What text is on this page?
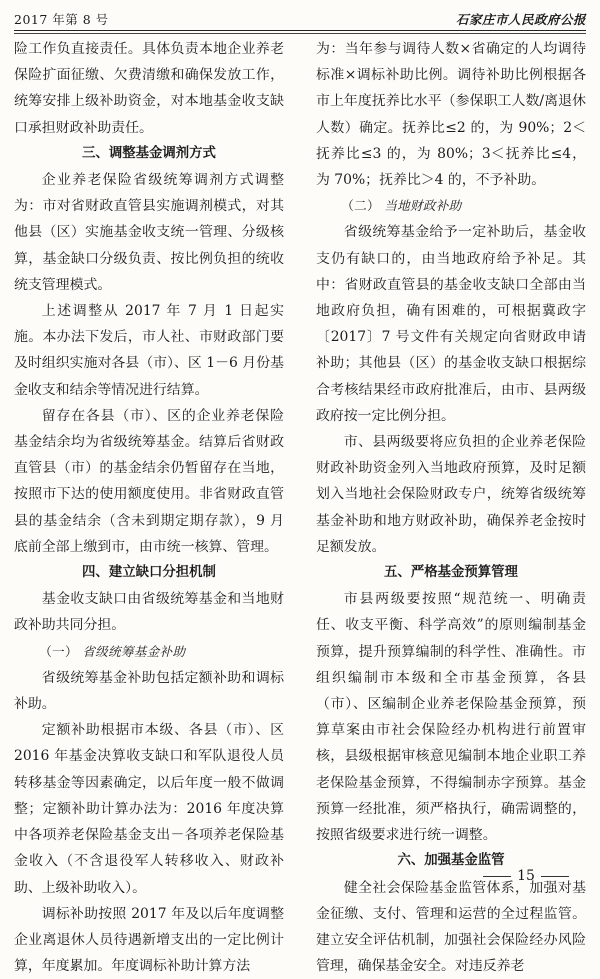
2017 年第 8 号	石家庄市人民政府公报
险工作负直接责任。具体负责本地企业养老保险扩面征缴、欠费清缴和确保发放工作，统筹安排上级补助资金，对本地基金收支缺口承担财政补助责任。
三、调整基金调剂方式
企业养老保险省级统筹调剂方式调整为：市对省财政直管县实施调剂模式，对其他县（区）实施基金收支统一管理、分级核算，基金缺口分级负责、按比例负担的统收统支管理模式。
上述调整从 2017 年 7 月 1 日起实施。本办法下发后，市人社、市财政部门要及时组织实施对各县（市）、区 1－6 月份基金收支和结余等情况进行结算。
留存在各县（市）、区的企业养老保险基金结余均为省级统筹基金。结算后省财政直管县（市）的基金结余仍暂留存在当地，按照市下达的使用额度使用。非省财政直管县的基金结余（含未到期定期存款），9 月底前全部上缴到市，由市统一核算、管理。
四、建立缺口分担机制
基金收支缺口由省级统筹基金和当地财政补助共同分担。
（一） 省级统筹基金补助
省级统筹基金补助包括定额补助和调标补助。
定额补助根据市本级、各县（市）、区 2016 年基金决算收支缺口和军队退役人员转移基金等因素确定，以后年度一般不做调整；定额补助计算办法为：2016 年度决算中各项养老保险基金支出－各项养老保险基金收入（不含退役军人转移收入、财政补助、上级补助收入）。
调标补助按照 2017 年及以后年度调整企业离退休人员待遇新增支出的一定比例计算，年度累加。年度调标补助计算方法
为：当年参与调待人数×省确定的人均调待标准×调标补助比例。调待补助比例根据各市上年度抚养比水平（参保职工人数/离退休人数）确定。抚养比≤2 的，为 90%；2＜抚养比≤3 的，为 80%；3＜抚养比≤4，为 70%；抚养比＞4 的，不予补助。
（二） 当地财政补助
省级统筹基金给予一定补助后，基金收支仍有缺口的，由当地政府给予补足。其中：省财政直管县的基金收支缺口全部由当地政府负担，确有困难的，可根据冀政字〔2017〕7 号文件有关规定向省财政申请补助；其他县（区）的基金收支缺口根据综合考核结果经市政府批准后，由市、县两级政府按一定比例分担。
市、县两级要将应负担的企业养老保险财政补助资金列入当地政府预算，及时足额划入当地社会保险财政专户，统筹省级统筹基金补助和地方财政补助，确保养老金按时足额发放。
五、严格基金预算管理
市县两级要按照“规范统一、明确责任、收支平衡、科学高效”的原则编制基金预算，提升预算编制的科学性、准确性。市组织编制市本级和全市基金预算，各县（市）、区编制企业养老保险基金预算，预算草案由市社会保险经办机构进行前置审核，县级根据审核意见编制本地企业职工养老保险基金预算，不得编制赤字预算。基金预算一经批准，须严格执行，确需调整的，按照省级要求进行统一调整。
六、加强基金监管
健全社会保险基金监管体系，加强对基金征缴、支付、管理和运营的全过程监管。建立安全评估机制，加强社会保险经办风险管理，确保基金安全。对违反养老
15
